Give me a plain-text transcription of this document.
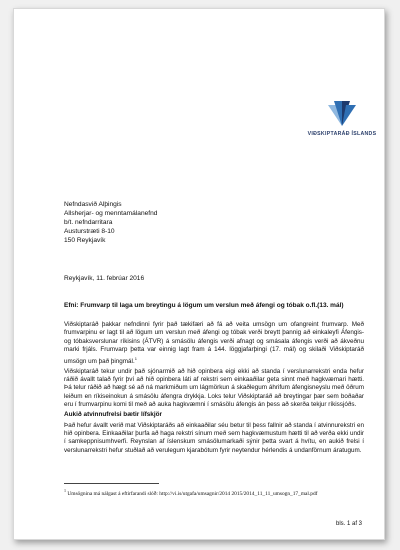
VIÐSKIPTARÁÐ ÍSLANDS
Nefndasvið Alþingis
Allsherjar- og menntamálanefnd
b/t. nefndarritara
Austurstræti 8-10
150 Reykjavík
Reykjavík, 11. febrúar 2016
Efni: Frumvarp til laga um breytingu á lögum um verslun með áfengi og tóbak o.fl.(13. mál)

Viðskiptaráð þakkar nefndinni fyrir það tækifæri að fá að veita umsögn um ofangreint frumvarp. Með frumvarpinu er lagt til að lögum um verslun með áfengi og tóbak verði breytt þannig að einkaleyfi Áfengis- og tóbaksverslunar ríkisins (ÁTVR) á smásölu áfengis verði afnagt og smásala áfengis verði að ákveðnu marki frjáls. Frumvarp þetta var einnig lagt fram á 144. löggjafarþingi (17. mál) og skilaði Viðskiptaráð umsögn um það þingmál.$^1$

Viðskiptaráð tekur undir það sjónarmið að hið opinbera eigi ekki að standa í verslunarrekstri enda hefur ráðið ávallt talað fyrir því að hið opinbera láti af rekstri sem einkaaðilar geta sinnt með hagkvæmari hætti. Þá telur ráðið að hægt sé að ná markmiðum um lágmörkun á skaðlegum áhrifum áfengisneyslu með öðrum leiðum en ríkiseinokun á smásölu áfengra drykkja. Loks telur Viðskiptaráð að breytingar þær sem boðaðar eru í frumvarpinu komi til með að auka hagkvæmni í smásölu áfengis án þess að skerða tekjur ríkissjóðs.

Aukið atvinnufrelsi bætir lífskjör

Það hefur ávallt verið mat Viðskiptaráðs að einkaaðilar séu betur til þess fallnir að standa í atvinnurekstri en hið opinbera. Einkaaðilar þurfa að haga rekstri sínum með sem hagkvæmustum hætti til að verða ekki undir í samkeppnisumhverfi. Reynslan af íslenskum smásölumarkaði sýnir þetta svart á hvítu, en aukið frelsi í verslunarrekstri hefur stuðlað að verulegum kjarabótum fyrir neytendur hérlendis á undanförnum áratugum.

$^1$ Umsögnina má nálgast á eftirfarandi slóð: http://vi.is/utgafa/umsagnir/2014 2015/2014_11_11_umsogn_17_mal.pdf
bls. 1 af 3
